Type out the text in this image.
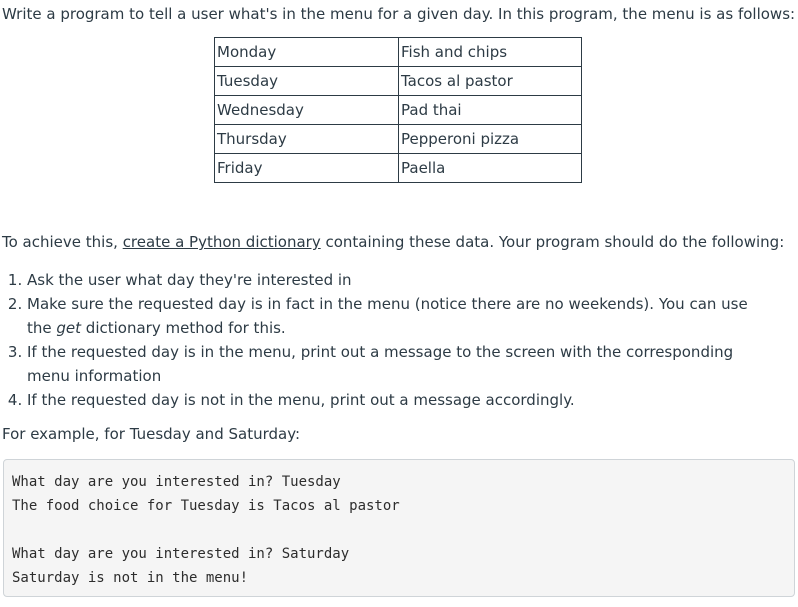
Write a program to tell a user what's in the menu for a given day. In this program, the menu is as follows:

Monday	Fish and chips
Tuesday	Tacos al pastor
Wednesday	Pad thai
Thursday	Pepperoni pizza
Friday	Paella

To achieve this, create a Python dictionary containing these data. Your program should do the following:

1. Ask the user what day they're interested in
2. Make sure the requested day is in fact in the menu (notice there are no weekends). You can use the get dictionary method for this.
3. If the requested day is in the menu, print out a message to the screen with the corresponding menu information
4. If the requested day is not in the menu, print out a message accordingly.

For example, for Tuesday and Saturday:

What day are you interested in? Tuesday
The food choice for Tuesday is Tacos al pastor
What day are you interested in? Saturday
Saturday is not in the menu!
